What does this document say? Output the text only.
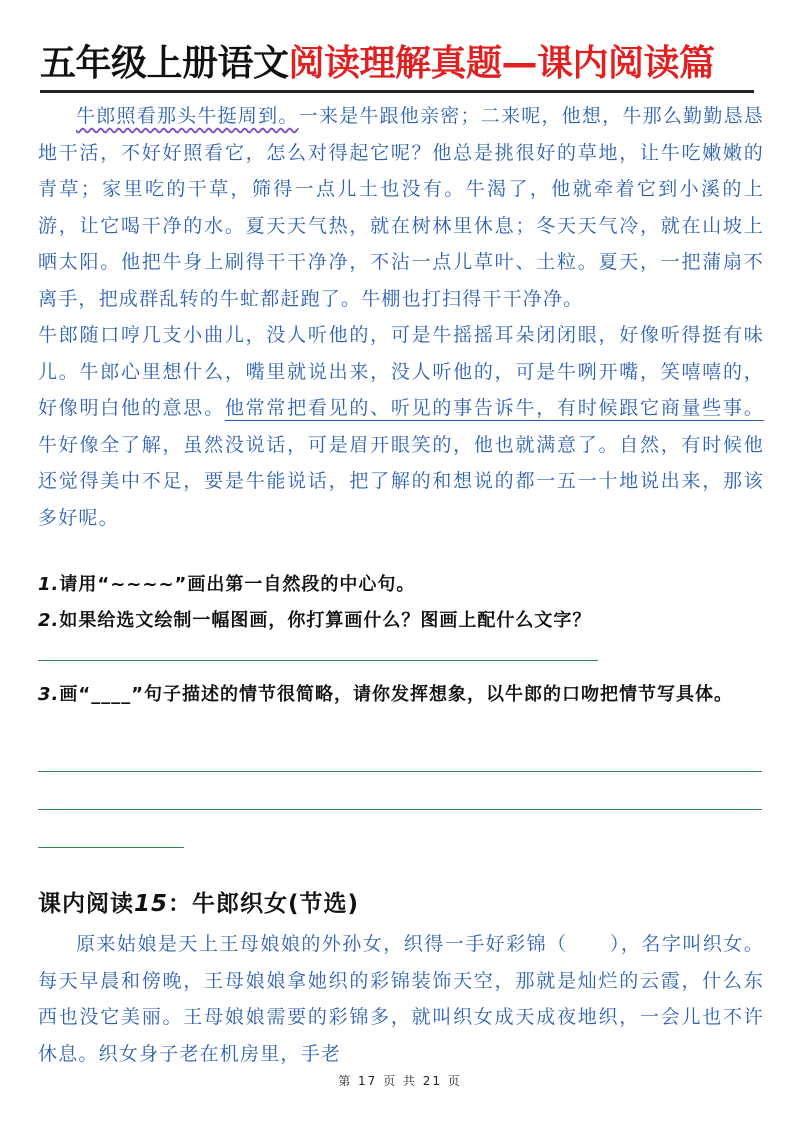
五年级上册语文阅读理解真题—课内阅读篇

牛郎照看那头牛挺周到。一来是牛跟他亲密；二来呢，他想，牛那么勤勤恳恳地干活，不好好照看它，怎么对得起它呢？他总是挑很好的草地，让牛吃嫩嫩的青草；家里吃的干草，筛得一点儿土也没有。牛渴了，他就牵着它到小溪的上游，让它喝干净的水。夏天天气热，就在树林里休息；冬天天气冷，就在山坡上晒太阳。他把牛身上刷得干干净净，不沾一点儿草叶、土粒。夏天，一把蒲扇不离手，把成群乱转的牛虻都赶跑了。牛棚也打扫得干干净净。

牛郎随口哼几支小曲儿，没人听他的，可是牛摇摇耳朵闭闭眼，好像听得挺有味儿。牛郎心里想什么，嘴里就说出来，没人听他的，可是牛咧开嘴，笑嘻嘻的，好像明白他的意思。他常常把看见的、听见的事告诉牛，有时候跟它商量些事。牛好像全了解，虽然没说话，可是眉开眼笑的，他也就满意了。自然，有时候他还觉得美中不足，要是牛能说话，把了解的和想说的都一五一十地说出来，那该多好呢。

1.请用“~~~~”画出第一自然段的中心句。
2.如果给选文绘制一幅图画，你打算画什么？图画上配什么文字？
3.画“____”句子描述的情节很简略，请你发挥想象，以牛郎的口吻把情节写具体。
课内阅读15：牛郎织女(节选)

原来姑娘是天上王母娘娘的外孙女，织得一手好彩锦（ ），名字叫织女。每天早晨和傍晚，王母娘娘拿她织的彩锦装饰天空，那就是灿烂的云霞，什么东西也没它美丽。王母娘娘需要的彩锦多，就叫织女成天成夜地织，一会儿也不许休息。织女身子老在机房里，手老

第 17 页 共 21 页
